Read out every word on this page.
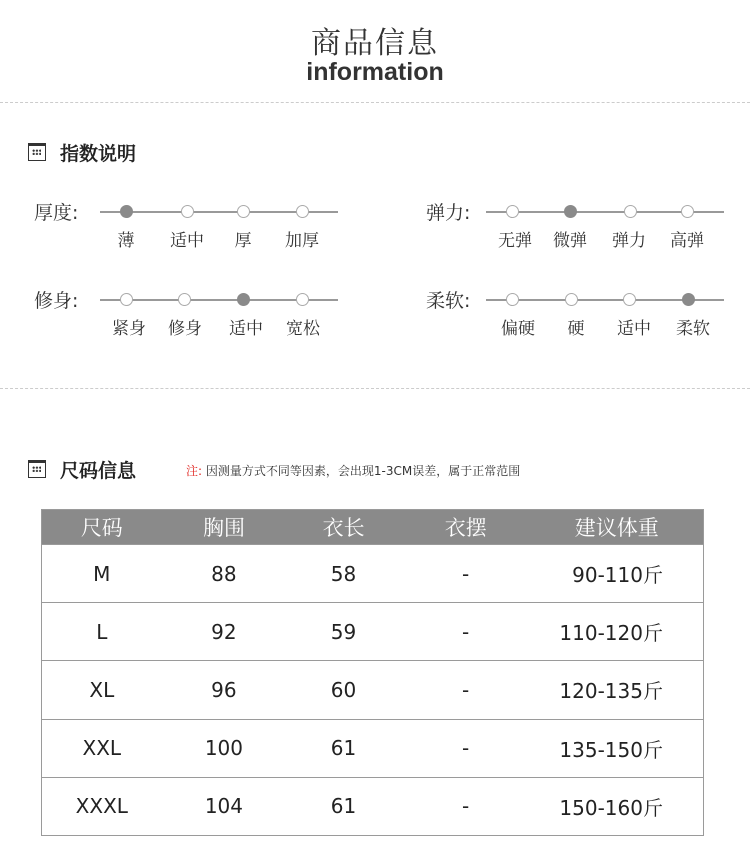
商品信息
information
指数说明
厚度:
薄	适中	厚	加厚
弹力:
无弹	微弹	弹力	高弹
修身:
紧身	修身	适中	宽松
柔软:
偏硬	硬	适中	柔软
尺码信息	注: 因测量方式不同等因素，会出现1-3CM误差，属于正常范围
尺码	胸围	衣长	衣摆	建议体重
M	88	58	-	90-110斤
L	92	59	-	110-120斤
XL	96	60	-	120-135斤
XXL	100	61	-	135-150斤
XXXL	104	61	-	150-160斤
